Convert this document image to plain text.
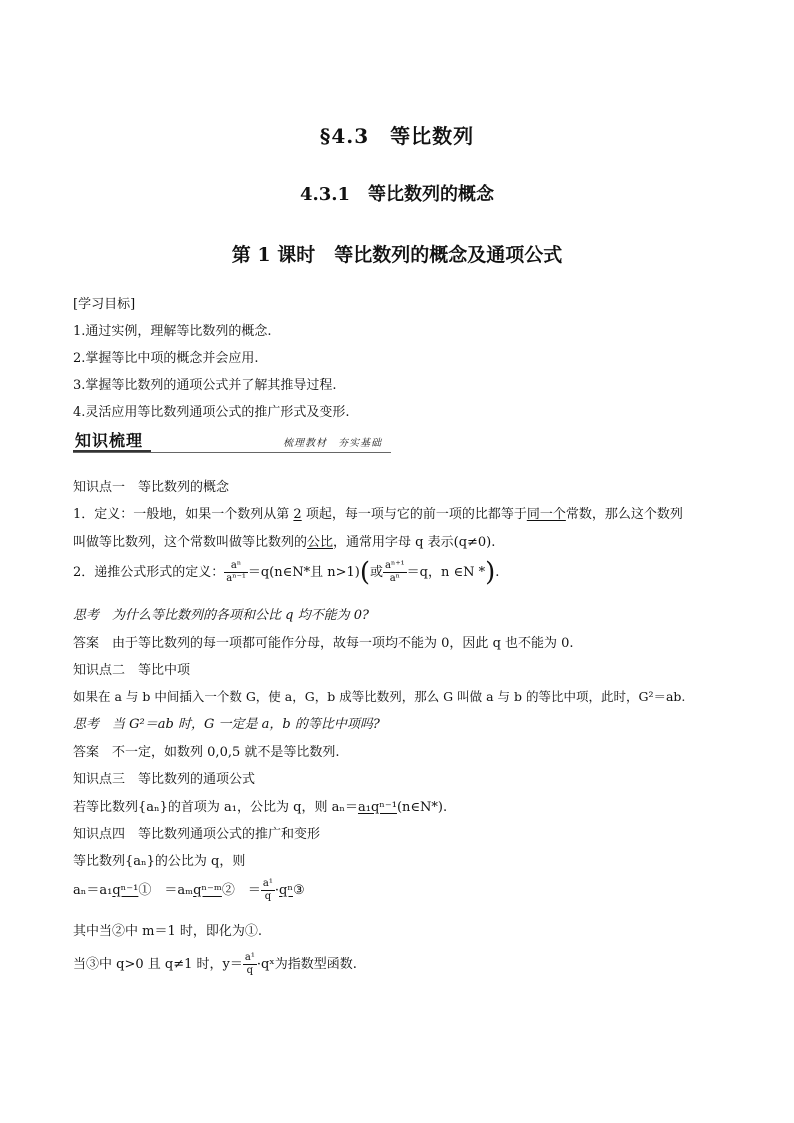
§4.3　等比数列
4.3.1　等比数列的概念
第 1 课时　等比数列的概念及通项公式
[学习目标]
1.通过实例，理解等比数列的概念.
2.掌握等比中项的概念并会应用.
3.掌握等比数列的通项公式并了解其推导过程.
4.灵活应用等比数列通项公式的推广形式及变形.
知识梳理	梳理教材　夯实基础
知识点一　等比数列的概念
1．定义：一般地，如果一个数列从第 2 项起，每一项与它的前一项的比都等于同一个常数，那么这个数列
叫做等比数列，这个常数叫做等比数列的公比，通常用字母 q 表示(q≠0).
2．递推公式形式的定义： $\frac{\text{aⁿ}}{\text{aⁿ⁻¹}}$ ＝q(n∈N*且 n>1)(或 $\frac{\text{aⁿ⁺¹}}{\text{aⁿ}} =q$，n ∈N *).
思考　 为什么等比数列的各项和公比 q 均不能为 0?
答案　 由于等比数列的每一项都可能作分母，故每一项均不能为 0，因此 q 也不能为 0.
知识点二　等比中项
如果在 a 与 b 中间插入一个数 G，使 a，G，b 成等比数列，那么 G 叫做 a 与 b 的等比中项，此时，G²＝ab.
思考　 当 G²＝ab 时，G 一定是 a，b 的等比中项吗?
答案　 不一定，如数列 0,0,5 就不是等比数列.
知识点三　等比数列的通项公式
若等比数列{aₙ}的首项为 a₁，公比为 q，则 aₙ＝a₁qⁿ⁻¹(n∈N*).
知识点四　等比数列通项公式的推广和变形
等比数列{aₙ}的公比为 q，则
aₙ＝a₁qⁿ⁻¹①　＝aₘqⁿ⁻ᵐ②　＝ $\frac{\text{a¹}}{q}$ ·qⁿ③
其中当②中 m＝1 时，即化为①.
当③中 q>0 且 q≠1 时，$y= \frac{\text{a¹}}{q}$ ·qˣ为指数型函数.
